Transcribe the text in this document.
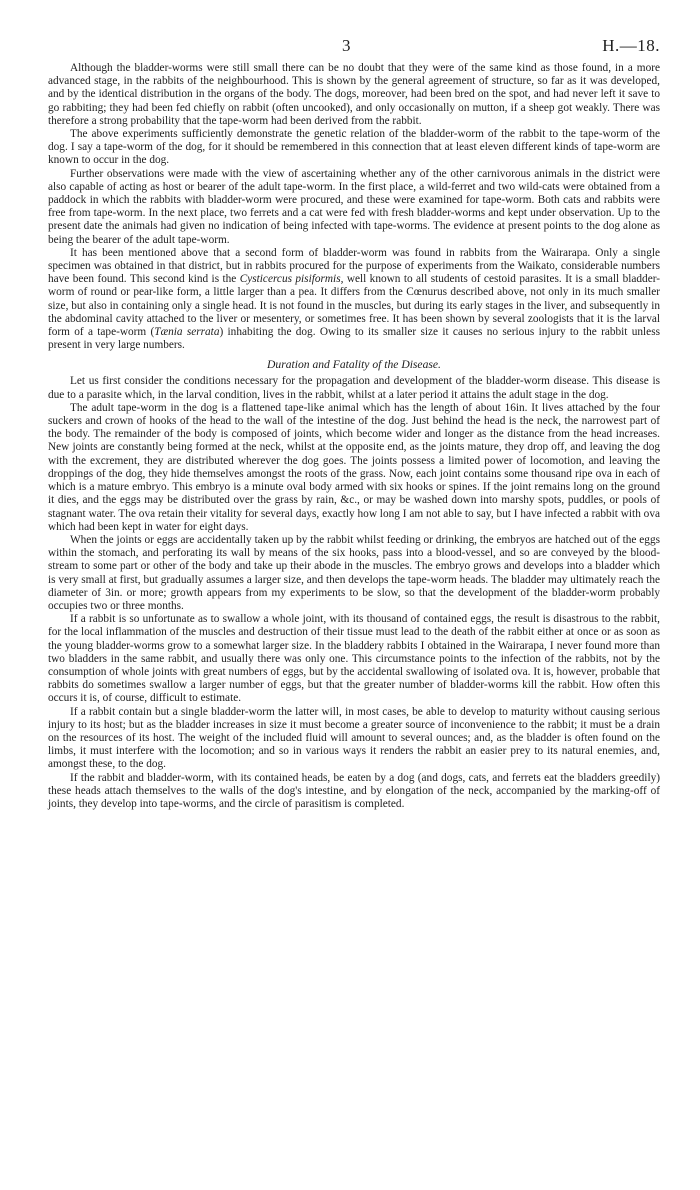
3	H.—18.

Although the bladder-worms were still small there can be no doubt that they were of the same kind as those found, in a more advanced stage, in the rabbits of the neighbourhood. This is shown by the general agreement of structure, so far as it was developed, and by the identical distribution in the organs of the body. The dogs, moreover, had been bred on the spot, and had never left it save to go rabbiting; they had been fed chiefly on rabbit (often uncooked), and only occasionally on mutton, if a sheep got weakly. There was therefore a strong probability that the tape-worm had been derived from the rabbit.

The above experiments sufficiently demonstrate the genetic relation of the bladder-worm of the rabbit to the tape-worm of the dog. I say a tape-worm of the dog, for it should be remembered in this connection that at least eleven different kinds of tape-worm are known to occur in the dog.

Further observations were made with the view of ascertaining whether any of the other carnivorous animals in the district were also capable of acting as host or bearer of the adult tape-worm. In the first place, a wild-ferret and two wild-cats were obtained from a paddock in which the rabbits with bladder-worm were procured, and these were examined for tape-worm. Both cats and rabbits were free from tape-worm. In the next place, two ferrets and a cat were fed with fresh bladder-worms and kept under observation. Up to the present date the animals had given no indication of being infected with tape-worms. The evidence at present points to the dog alone as being the bearer of the adult tape-worm.

It has been mentioned above that a second form of bladder-worm was found in rabbits from the Wairarapa. Only a single specimen was obtained in that district, but in rabbits procured for the purpose of experiments from the Waikato, considerable numbers have been found. This second kind is the Cysticercus pisiformis, well known to all students of cestoid parasites. It is a small bladder-worm of round or pear-like form, a little larger than a pea. It differs from the Cœnurus described above, not only in its much smaller size, but also in containing only a single head. It is not found in the muscles, but during its early stages in the liver, and subsequently in the abdominal cavity attached to the liver or mesentery, or sometimes free. It has been shown by several zoologists that it is the larval form of a tape-worm (Tænia serrata) inhabiting the dog. Owing to its smaller size it causes no serious injury to the rabbit unless present in very large numbers.

Duration and Fatality of the Disease.

Let us first consider the conditions necessary for the propagation and development of the bladder-worm disease. This disease is due to a parasite which, in the larval condition, lives in the rabbit, whilst at a later period it attains the adult stage in the dog.

The adult tape-worm in the dog is a flattened tape-like animal which has the length of about 16in. It lives attached by the four suckers and crown of hooks of the head to the wall of the intestine of the dog. Just behind the head is the neck, the narrowest part of the body. The remainder of the body is composed of joints, which become wider and longer as the distance from the head increases. New joints are constantly being formed at the neck, whilst at the opposite end, as the joints mature, they drop off, and leaving the dog with the excrement, they are distributed wherever the dog goes. The joints possess a limited power of locomotion, and leaving the droppings of the dog, they hide themselves amongst the roots of the grass. Now, each joint contains some thousand ripe ova in each of which is a mature embryo. This embryo is a minute oval body armed with six hooks or spines. If the joint remains long on the ground it dies, and the eggs may be distributed over the grass by rain, &c., or may be washed down into marshy spots, puddles, or pools of stagnant water. The ova retain their vitality for several days, exactly how long I am not able to say, but I have infected a rabbit with ova which had been kept in water for eight days.

When the joints or eggs are accidentally taken up by the rabbit whilst feeding or drinking, the embryos are hatched out of the eggs within the stomach, and perforating its wall by means of the six hooks, pass into a blood-vessel, and so are conveyed by the blood-stream to some part or other of the body and take up their abode in the muscles. The embryo grows and develops into a bladder which is very small at first, but gradually assumes a larger size, and then develops the tape-worm heads. The bladder may ultimately reach the diameter of 3in. or more; growth appears from my experiments to be slow, so that the development of the bladder-worm probably occupies two or three months.

If a rabbit is so unfortunate as to swallow a whole joint, with its thousand of contained eggs, the result is disastrous to the rabbit, for the local inflammation of the muscles and destruction of their tissue must lead to the death of the rabbit either at once or as soon as the young bladder-worms grow to a somewhat larger size. In the bladdery rabbits I obtained in the Wairarapa, I never found more than two bladders in the same rabbit, and usually there was only one. This circumstance points to the infection of the rabbits, not by the consumption of whole joints with great numbers of eggs, but by the accidental swallowing of isolated ova. It is, however, probable that rabbits do sometimes swallow a larger number of eggs, but that the greater number of bladder-worms kill the rabbit. How often this occurs it is, of course, difficult to estimate.

If a rabbit contain but a single bladder-worm the latter will, in most cases, be able to develop to maturity without causing serious injury to its host; but as the bladder increases in size it must become a greater source of inconvenience to the rabbit; it must be a drain on the resources of its host. The weight of the included fluid will amount to several ounces; and, as the bladder is often found on the limbs, it must interfere with the locomotion; and so in various ways it renders the rabbit an easier prey to its natural enemies, and, amongst these, to the dog.

If the rabbit and bladder-worm, with its contained heads, be eaten by a dog (and dogs, cats, and ferrets eat the bladders greedily) these heads attach themselves to the walls of the dog's intestine, and by elongation of the neck, accompanied by the marking-off of joints, they develop into tape-worms, and the circle of parasitism is completed.
